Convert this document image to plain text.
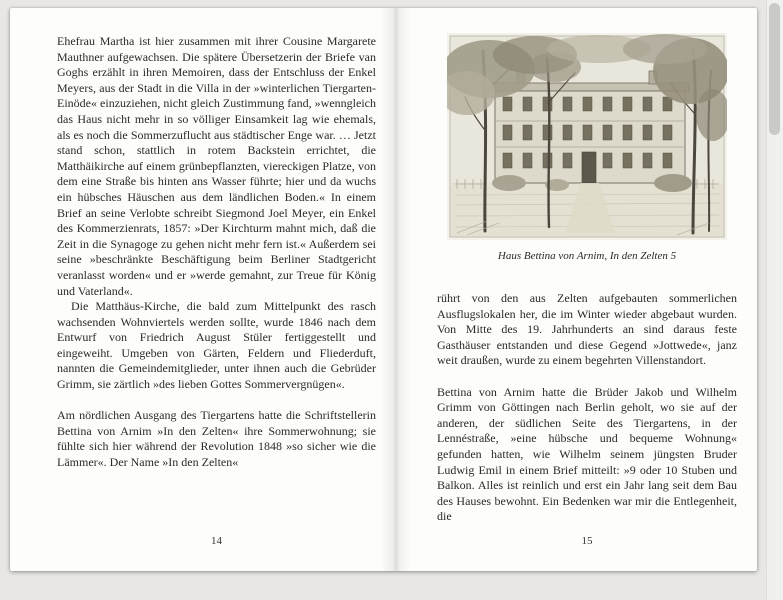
Ehefrau Martha ist hier zusammen mit ihrer Cousine Margarete Mauthner aufgewachsen. Die spätere Übersetzerin der Briefe van Goghs erzählt in ihren Memoiren, dass der Entschluss der Enkel Meyers, aus der Stadt in die Villa in der »winterlichen Tiergarten-Einöde« einzuziehen, nicht gleich Zustimmung fand, »wenngleich das Haus nicht mehr in so völliger Einsamkeit lag wie ehemals, als es noch die Sommerzuflucht aus städtischer Enge war. … Jetzt stand schon, stattlich in rotem Backstein errichtet, die Matthäikirche auf einem grünbepflanzten, viereckigen Platze, von dem eine Straße bis hinten ans Wasser führte; hier und da wuchs ein hübsches Häuschen aus dem ländlichen Boden.« In einem Brief an seine Verlobte schreibt Siegmond Joel Meyer, ein Enkel des Kommerzienrats, 1857: »Der Kirchturm mahnt mich, daß die Zeit in die Synagoge zu gehen nicht mehr fern ist.« Außerdem sei seine »beschränkte Beschäftigung beim Berliner Stadtgericht veranlasst worden« und er »werde gemahnt, zur Treue für König und Vaterland«.

Die Matthäus-Kirche, die bald zum Mittelpunkt des rasch wachsenden Wohnviertels werden sollte, wurde 1846 nach dem Entwurf von Friedrich August Stüler fertiggestellt und eingeweiht. Umgeben von Gärten, Feldern und Fliederduft, nannten die Gemeindemitglieder, unter ihnen auch die Gebrüder Grimm, sie zärtlich »des lieben Gottes Sommervergnügen«.

Am nördlichen Ausgang des Tiergartens hatte die Schriftstellerin Bettina von Arnim »In den Zelten« ihre Sommerwohnung; sie fühlte sich hier während der Revolution 1848 »so sicher wie die Lämmer«. Der Name »In den Zelten«

14
Haus Bettina von Arnim, In den Zelten 5

rührt von den aus Zelten aufgebauten sommerlichen Ausflugslokalen her, die im Winter wieder abgebaut wurden. Von Mitte des 19. Jahrhunderts an sind daraus feste Gasthäuser entstanden und diese Gegend »Jottwede«, janz weit draußen, wurde zu einem begehrten Villenstandort.

Bettina von Arnim hatte die Brüder Jakob und Wilhelm Grimm von Göttingen nach Berlin geholt, wo sie auf der anderen, der südlichen Seite des Tiergartens, in der Lennéstraße, »eine hübsche und bequeme Wohnung« gefunden hatten, wie Wilhelm seinem jüngsten Bruder Ludwig Emil in einem Brief mitteilt: »9 oder 10 Stuben und Balkon. Alles ist reinlich und erst ein Jahr lang seit dem Bau des Hauses bewohnt. Ein Bedenken war mir die Entlegenheit, die

15
